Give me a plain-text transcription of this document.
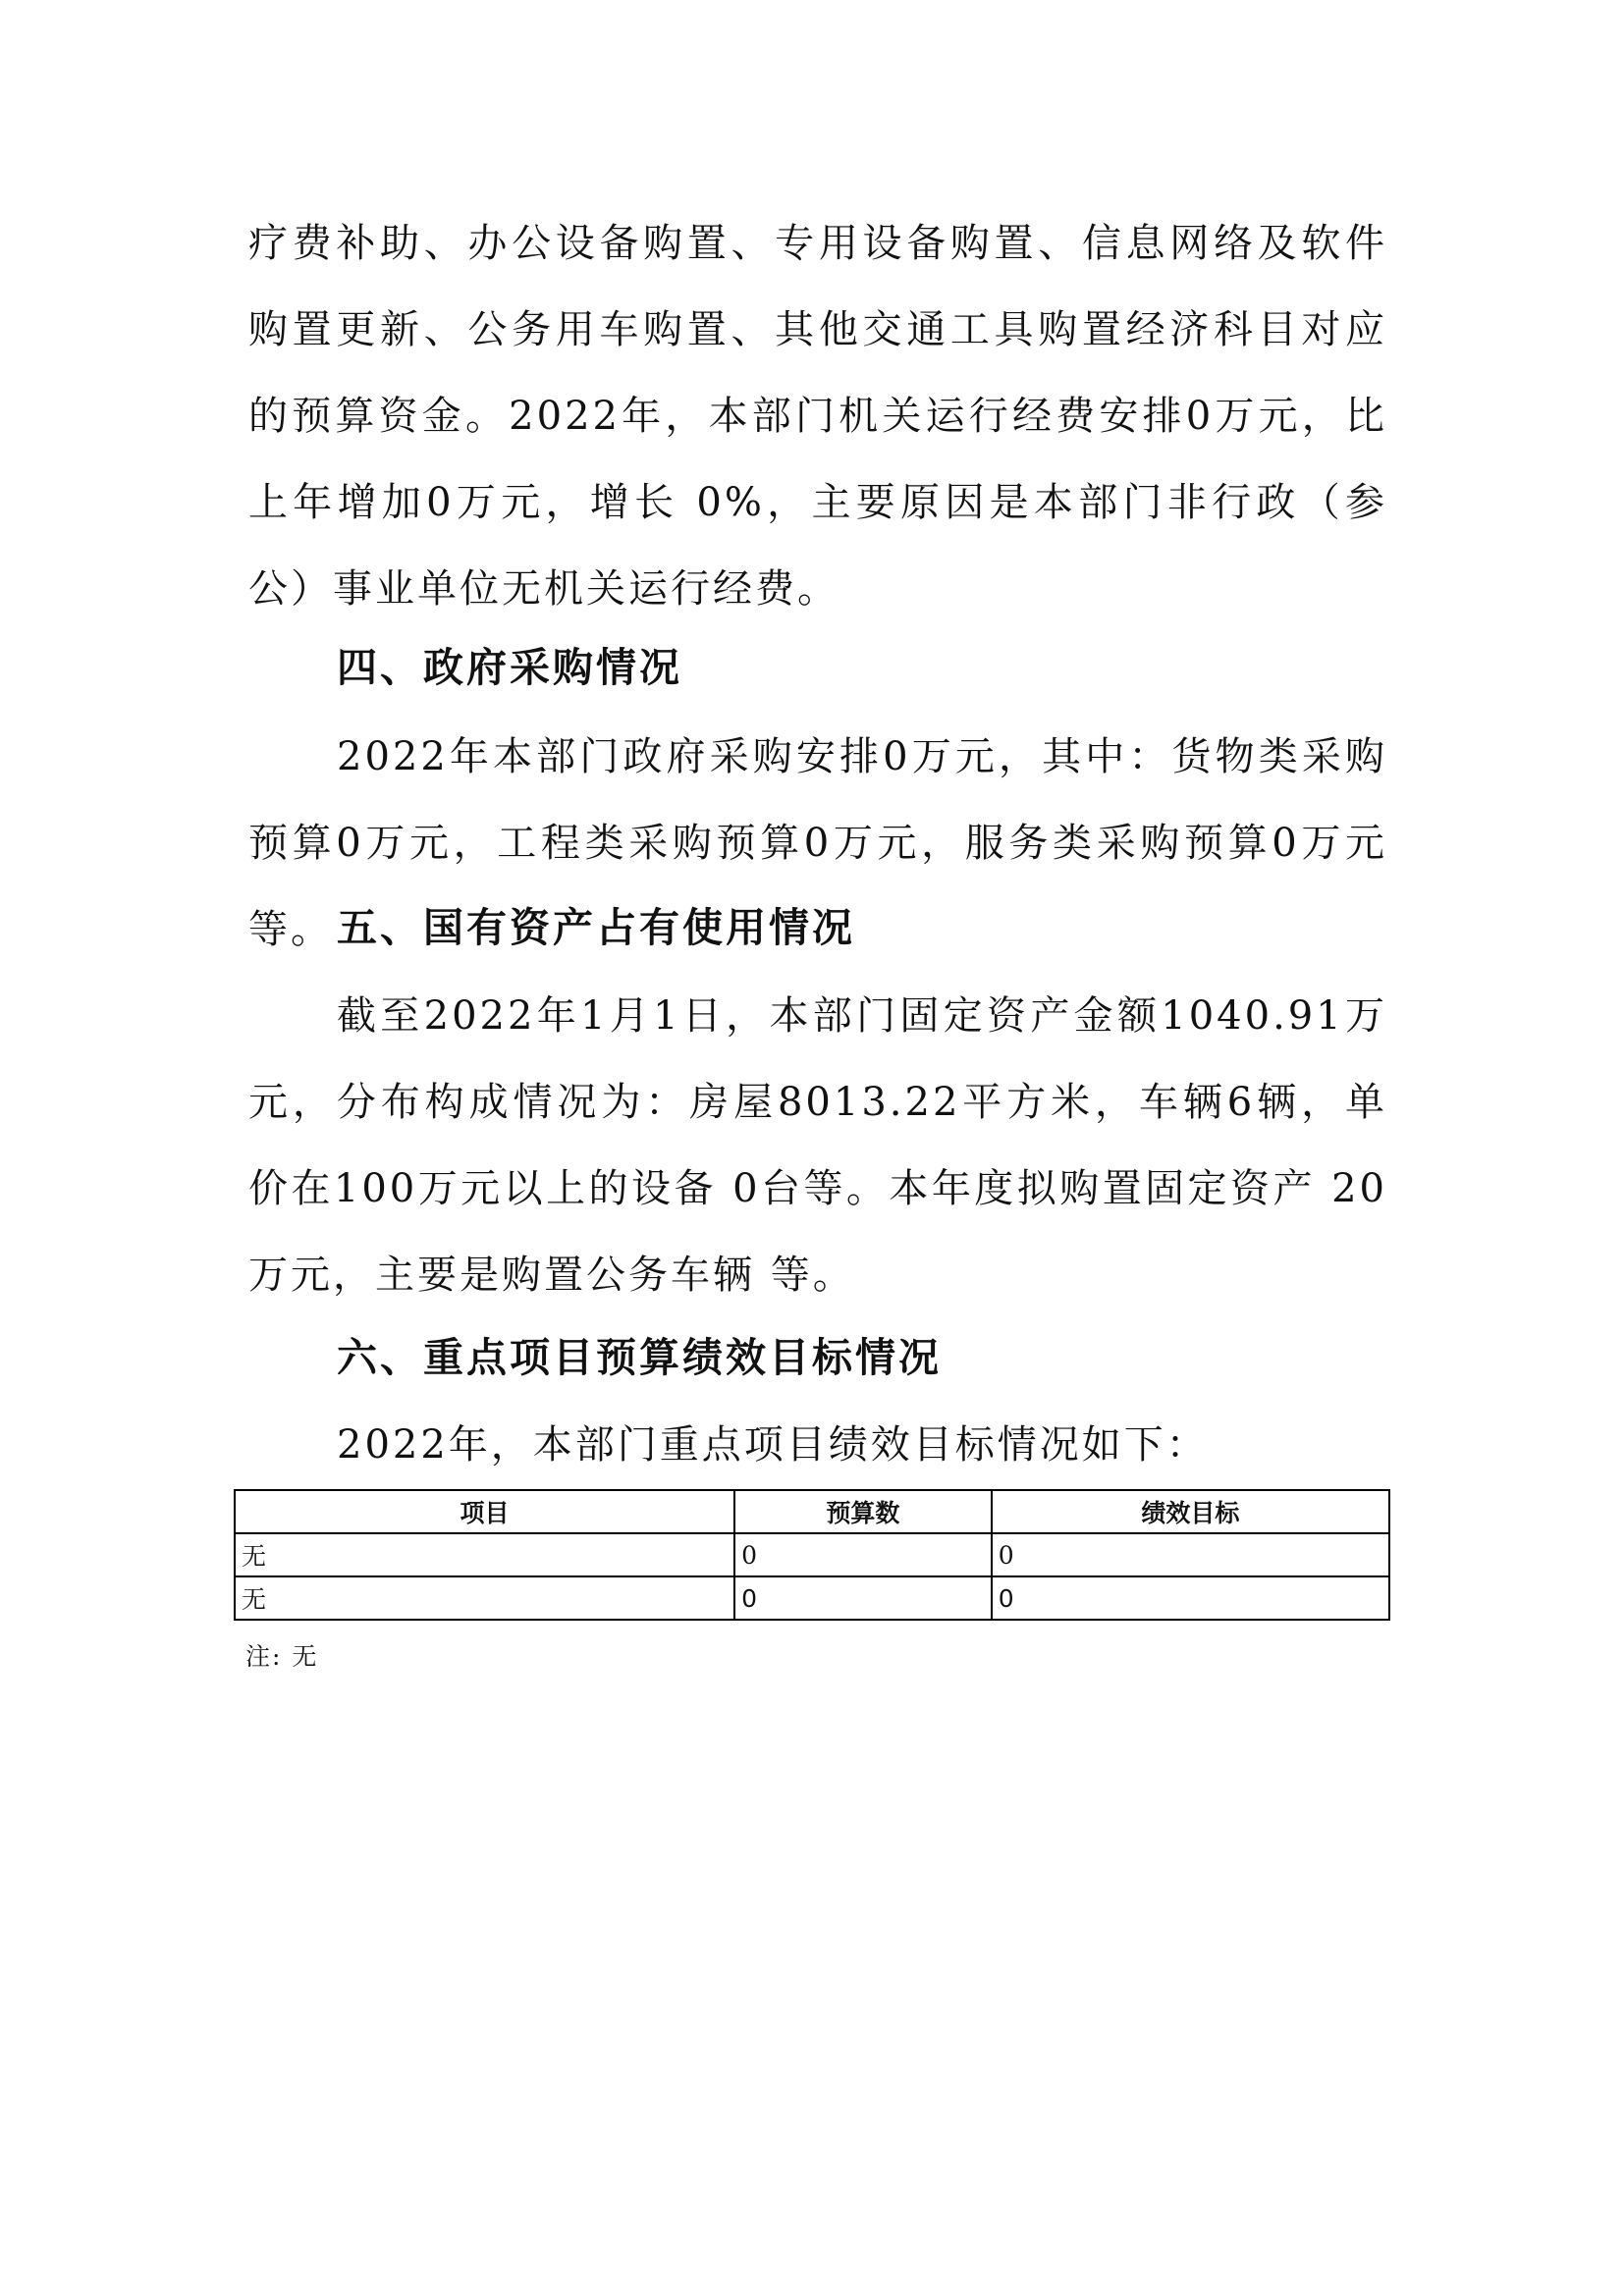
疗费补助、办公设备购置、专用设备购置、信息网络及软件购置更新、公务用车购置、其他交通工具购置经济科目对应的预算资金。2022年，本部门机关运行经费安排0万元，比上年增加0万元，增长 0%，主要原因是本部门非行政（参公）事业单位无机关运行经费。

四、政府采购情况

2022年本部门政府采购安排0万元，其中：货物类采购预算0万元，工程类采购预算0万元，服务类采购预算0万元等。 五、国有资产占有使用情况

截至2022年1月1日，本部门固定资产金额1040.91万元，分布构成情况为：房屋8013.22平方米，车辆6辆，单价在100万元以上的设备 0台等。本年度拟购置固定资产 20万元，主要是购置公务车辆 等。

六、重点项目预算绩效目标情况

2022年，本部门重点项目绩效目标情况如下：

项目	预算数	绩效目标
无	0	0
无	0	0

注: 无
